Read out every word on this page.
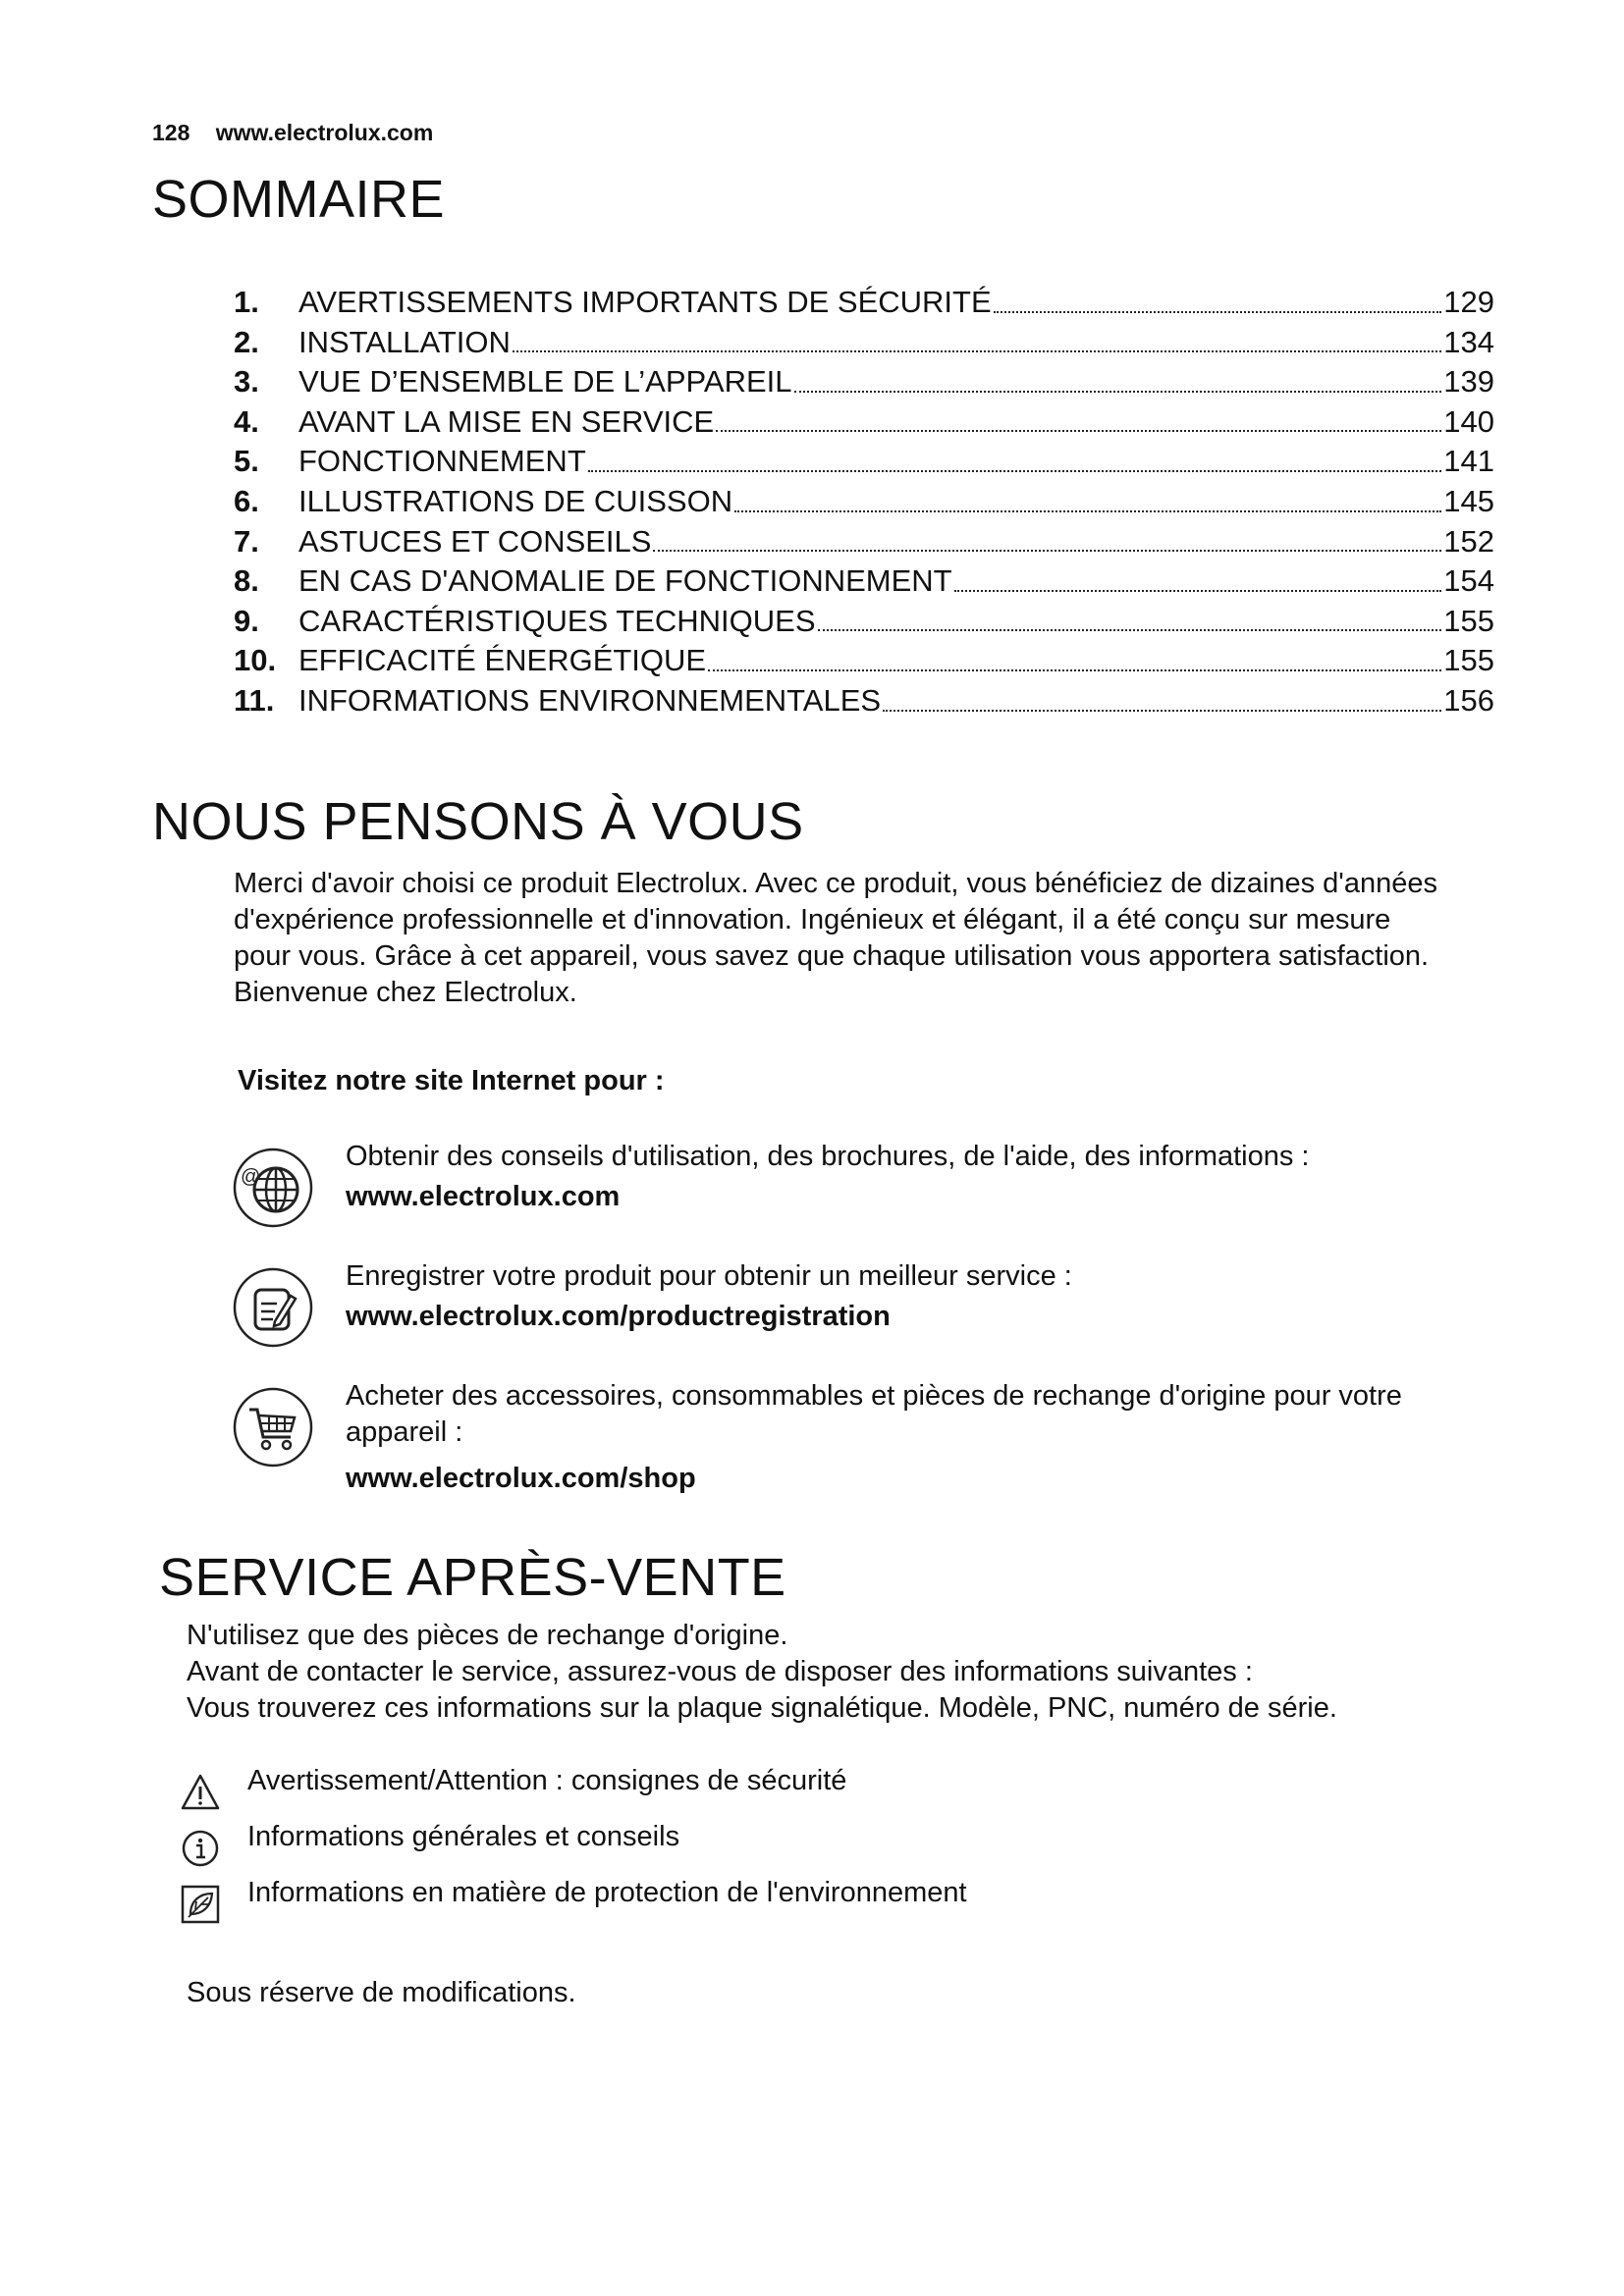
128 www.electrolux.com
SOMMAIRE
1.	AVERTISSEMENTS IMPORTANTS DE SÉCURITÉ	129
2.	INSTALLATION	134
3.	VUE D’ENSEMBLE DE L’APPAREIL	139
4.	AVANT LA MISE EN SERVICE	140
5.	FONCTIONNEMENT	141
6.	ILLUSTRATIONS DE CUISSON	145
7.	ASTUCES ET CONSEILS	152
8.	EN CAS D'ANOMALIE DE FONCTIONNEMENT	154
9.	CARACTÉRISTIQUES TECHNIQUES	155
10. EFFICACITÉ ÉNERGÉTIQUE	155
11. INFORMATIONS ENVIRONNEMENTALES	156
NOUS PENSONS À VOUS
Merci d'avoir choisi ce produit Electrolux. Avec ce produit, vous bénéficiez de dizaines d'années
d'expérience professionnelle et d'innovation. Ingénieux et élégant, il a été conçu sur mesure
pour vous. Grâce à cet appareil, vous savez que chaque utilisation vous apportera satisfaction.
Bienvenue chez Electrolux.
Visitez notre site Internet pour :
@
Obtenir des conseils d'utilisation, des brochures, de l'aide, des informations :
www.electrolux.com
Enregistrer votre produit pour obtenir un meilleur service :
www.electrolux.com/productregistration
Acheter des accessoires, consommables et pièces de rechange d'origine pour votre
appareil :
www.electrolux.com/shop
SERVICE APRÈS-VENTE
N'utilisez que des pièces de rechange d'origine.
Avant de contacter le service, assurez-vous de disposer des informations suivantes :
Vous trouverez ces informations sur la plaque signalétique. Modèle, PNC, numéro de série.
Avertissement/Attention : consignes de sécurité
Informations générales et conseils
Informations en matière de protection de l'environnement
Sous réserve de modifications.
